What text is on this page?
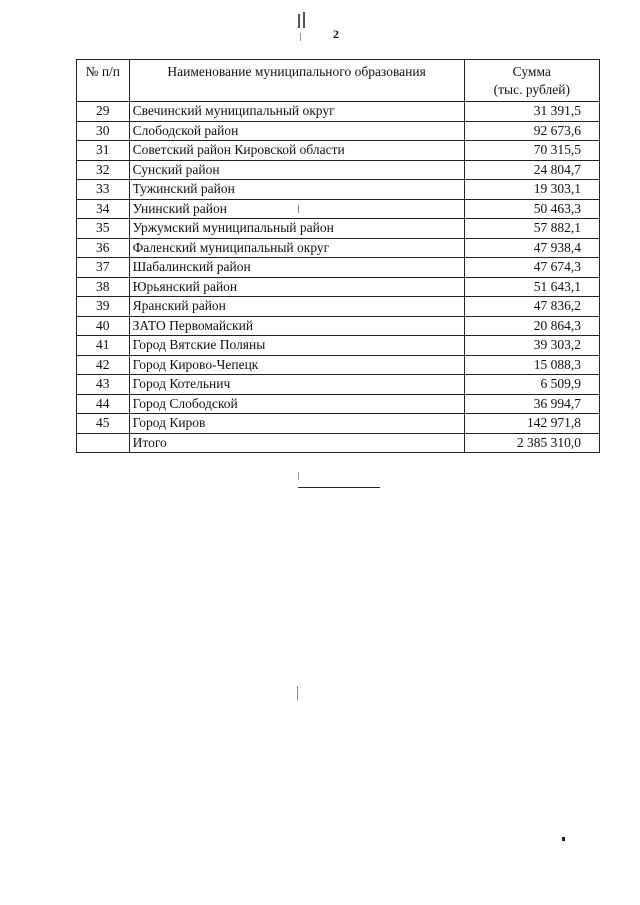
2
№ п/п	Наименование муниципального образования	Сумма
(тыс. рублей)

29	Свечинский муниципальный округ	31 391,5
30	Слободской район	92 673,6
31	Советский район Кировской области	70 315,5
32	Сунский район	24 804,7
33	Тужинский район	19 303,1
34	Унинский район	50 463,3
35	Уржумский муниципальный район	57 882,1
36	Фаленский муниципальный округ	47 938,4
37	Шабалинский район	47 674,3
38	Юрьянский район	51 643,1
39	Яранский район	47 836,2
40	ЗАТО Первомайский	20 864,3
41	Город Вятские Поляны	39 303,2
42	Город Кирово-Чепецк	15 088,3
43	Город Котельнич	6 509,9
44	Город Слободской	36 994,7
45	Город Киров	142 971,8
	Итого	2 385 310,0
